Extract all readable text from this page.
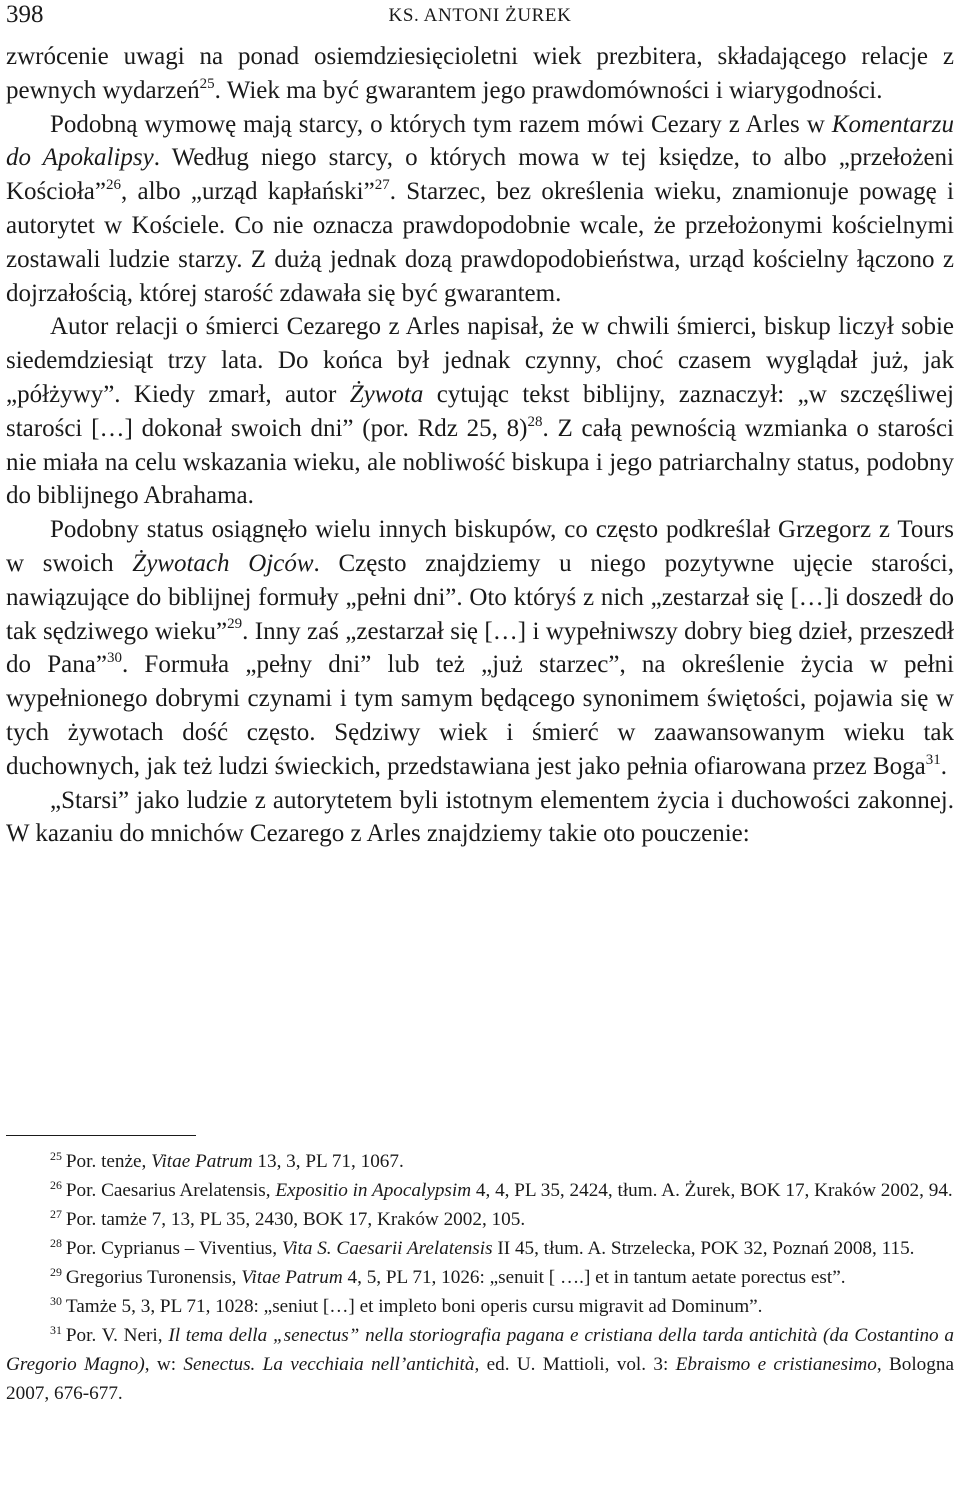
398	KS. ANTONI ŻUREK

zwrócenie uwagi na ponad osiemdziesięcioletni wiek prezbitera, składającego relacje z pewnych wydarzeń$^{25}$. Wiek ma być gwarantem jego prawdomówności i wiarygodności.

Podobną wymowę mają starcy, o których tym razem mówi Cezary z Arles w Komentarzu do Apokalipsy. Według niego starcy, o których mowa w tej księdze, to albo „przełożeni Kościoła”$^{26}$, albo „urząd kapłański”$^{27}$. Starzec, bez określenia wieku, znamionuje powagę i autorytet w Kościele. Co nie oznacza prawdopodobnie wcale, że przełożonymi kościelnymi zostawali ludzie starzy. Z dużą jednak dozą prawdopodobieństwa, urząd kościelny łączono z dojrzałością, której starość zdawała się być gwarantem.

Autor relacji o śmierci Cezarego z Arles napisał, że w chwili śmierci, biskup liczył sobie siedemdziesiąt trzy lata. Do końca był jednak czynny, choć czasem wyglądał już, jak „półżywy”. Kiedy zmarł, autor Żywota cytując tekst biblijny, zaznaczył: „w szczęśliwej starości […] dokonał swoich dni” (por. Rdz 25, 8)$^{28}$. Z całą pewnością wzmianka o starości nie miała na celu wskazania wieku, ale nobliwość biskupa i jego patriarchalny status, podobny do biblijnego Abrahama.

Podobny status osiągnęło wielu innych biskupów, co często podkreślał Grzegorz z Tours w swoich Żywotach Ojców. Często znajdziemy u niego pozytywne ujęcie starości, nawiązujące do biblijnej formuły „pełni dni”. Oto któryś z nich „zestarzał się […]i doszedł do tak sędziwego wieku”$^{29}$. Inny zaś „zestarzał się […] i wypełniwszy dobry bieg dzieł, przeszedł do Pana”$^{30}$. Formuła „pełny dni” lub też „już starzec”, na określenie życia w pełni wypełnionego dobrymi czynami i tym samym będącego synonimem świętości, pojawia się w tych żywotach dość często. Sędziwy wiek i śmierć w zaawansowanym wieku tak duchownych, jak też ludzi świeckich, przedstawiana jest jako pełnia ofiarowana przez Boga$^{31}$.

„Starsi” jako ludzie z autorytetem byli istotnym elementem życia i duchowości zakonnej. W kazaniu do mnichów Cezarego z Arles znajdziemy takie oto pouczenie:

$^{25}$ Por. tenże, Vitae Patrum 13, 3, PL 71, 1067.

$^{26}$ Por. Caesarius Arelatensis, Expositio in Apocalypsim 4, 4, PL 35, 2424, tłum. A. Żurek, BOK 17, Kraków 2002, 94.

$^{27}$ Por. tamże 7, 13, PL 35, 2430, BOK 17, Kraków 2002, 105.

$^{28}$ Por. Cyprianus – Viventius, Vita S. Caesarii Arelatensis II 45, tłum. A. Strzelecka, POK 32, Poznań 2008, 115.

$^{29}$ Gregorius Turonensis, Vitae Patrum 4, 5, PL 71, 1026: „senuit [ ….] et in tantum aetate porectus est”.

$^{30}$ Tamże 5, 3, PL 71, 1028: „seniut […] et impleto boni operis cursu migravit ad Dominum”.

$^{31}$ Por. V. Neri, Il tema della „senectus” nella storiografia pagana e cristiana della tarda antichità (da Costantino a Gregorio Magno), w: Senectus. La vecchiaia nell’antichità, ed. U. Mattioli, vol. 3: Ebraismo e cristianesimo, Bologna 2007, 676-677.
